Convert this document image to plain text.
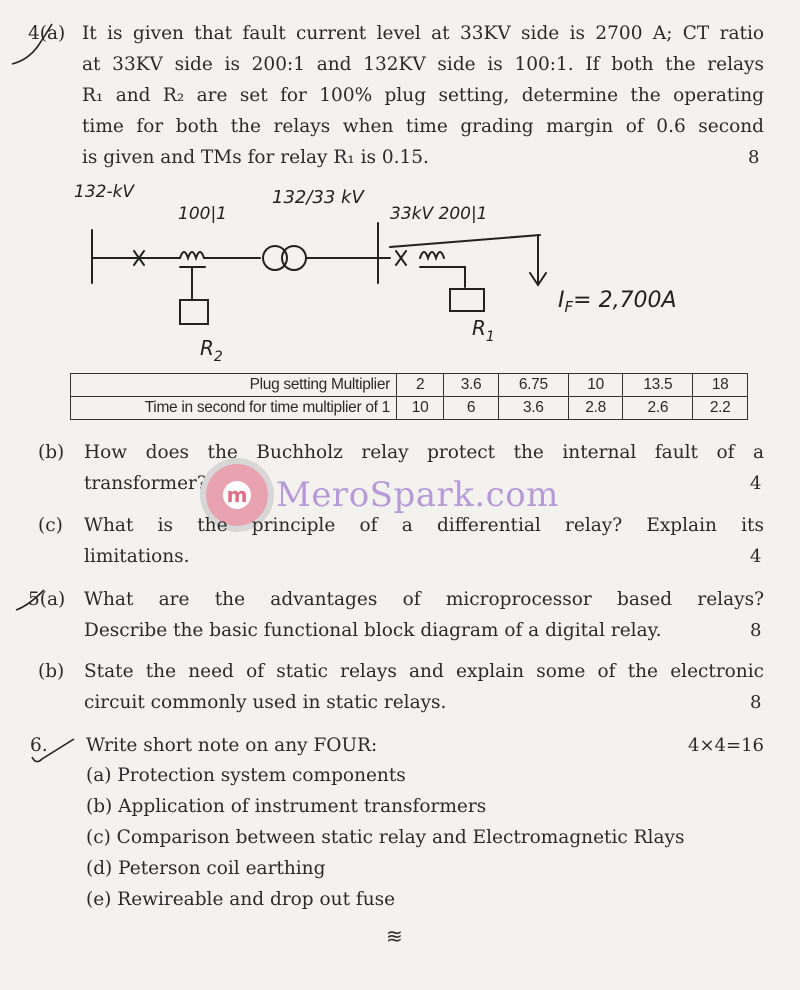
4(a) It is given that fault current level at 33KV side is 2700 A; CT ratio
at 33KV side is 200:1 and 132KV side is 100:1. If both the relays
R₁ and R₂ are set for 100% plug setting, determine the operating
time for both the relays when time grading margin of 0.6 second
is given and TMs for relay R₁ is 0.15.	8
132-kV
100|1
132/33 kV
33kV 200|1
$I_F= 2,700A$
$R_1$
$R_2$
Plug setting Multiplier	2	3.6	6.75	10	13.5	18
Time in second for time multiplier of 1	10	6	3.6	2.8	2.6	2.2
(b) How does the Buchholz relay protect the internal fault of a
transformer?	4
m MeroSpark.com
(c) What is the principle of a differential relay? Explain its
limitations.	4
5(a) What are the advantages of microprocessor based relays?
Describe the basic functional block diagram of a digital relay.	8
(b) State the need of static relays and explain some of the electronic
circuit commonly used in static relays.	8
6. Write short note on any FOUR:	4×4=16
(a) Protection system components
(b) Application of instrument transformers
(c) Comparison between static relay and Electromagnetic Rlays
(d) Peterson coil earthing
(e) Rewireable and drop out fuse
≋
